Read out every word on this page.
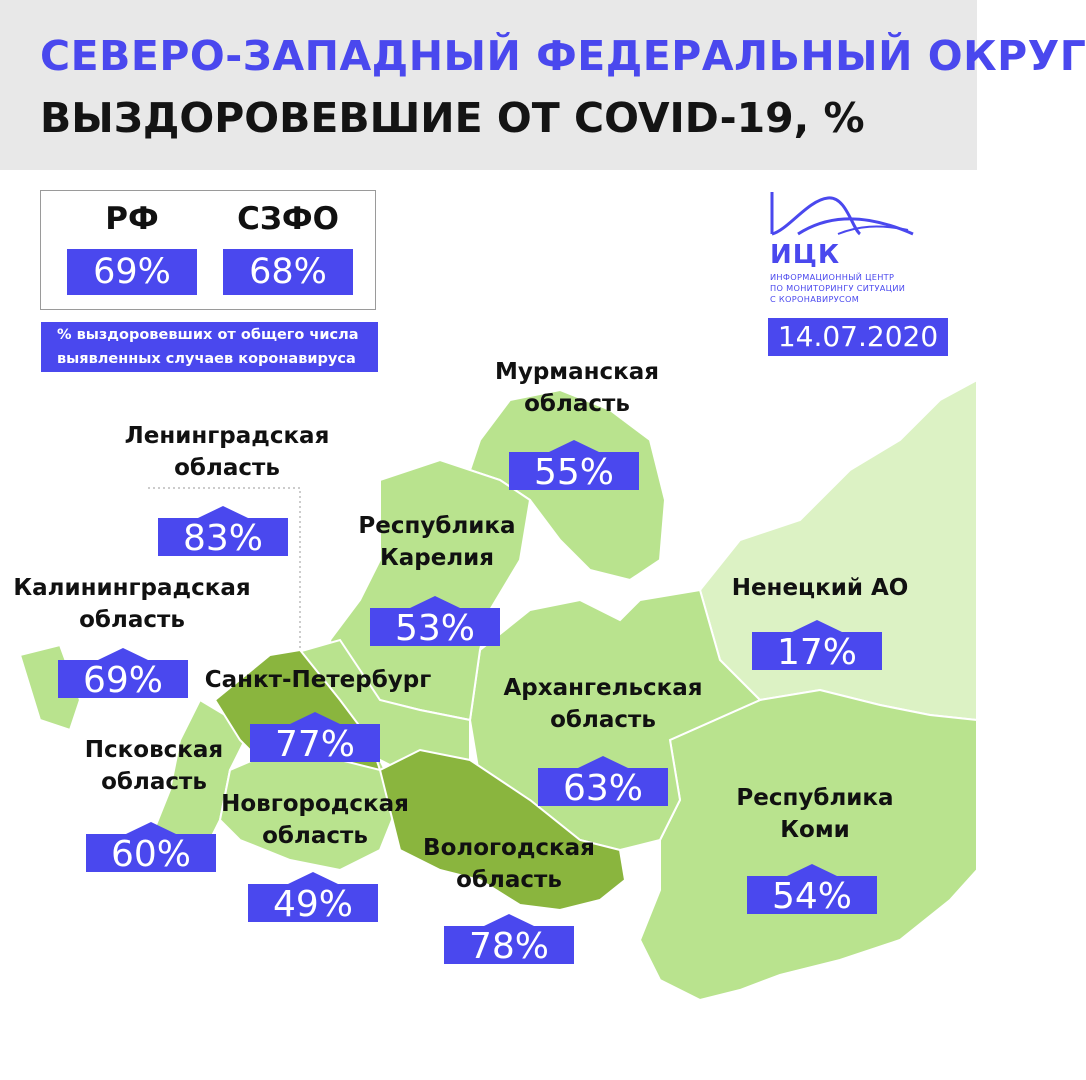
СЕВЕРО-ЗАПАДНЫЙ ФЕДЕРАЛЬНЫЙ ОКРУГ
ВЫЗДОРОВЕВШИЕ ОТ COVID-19, %
РФ
69%
СЗФО
68%
% выздоровевших от общего числа выявленных случаев коронавируса
ИЦК
ИНФОРМАЦИОННЫЙ ЦЕНТР
ПО МОНИТОРИНГУ СИТУАЦИИ
С КОРОНАВИРУСОМ
14.07.2020
Мурманская
область
55%
Ленинградская
область
83%	Республика
Карелия
53%
Калининградская
область
69%
Ненецкий АО
17%
Санкт-Петербург
77%
Архангельская
область
63%
Псковская
область
60%
Новгородская
область
49%
Республика
Коми
54%
Вологодская
область
78%
